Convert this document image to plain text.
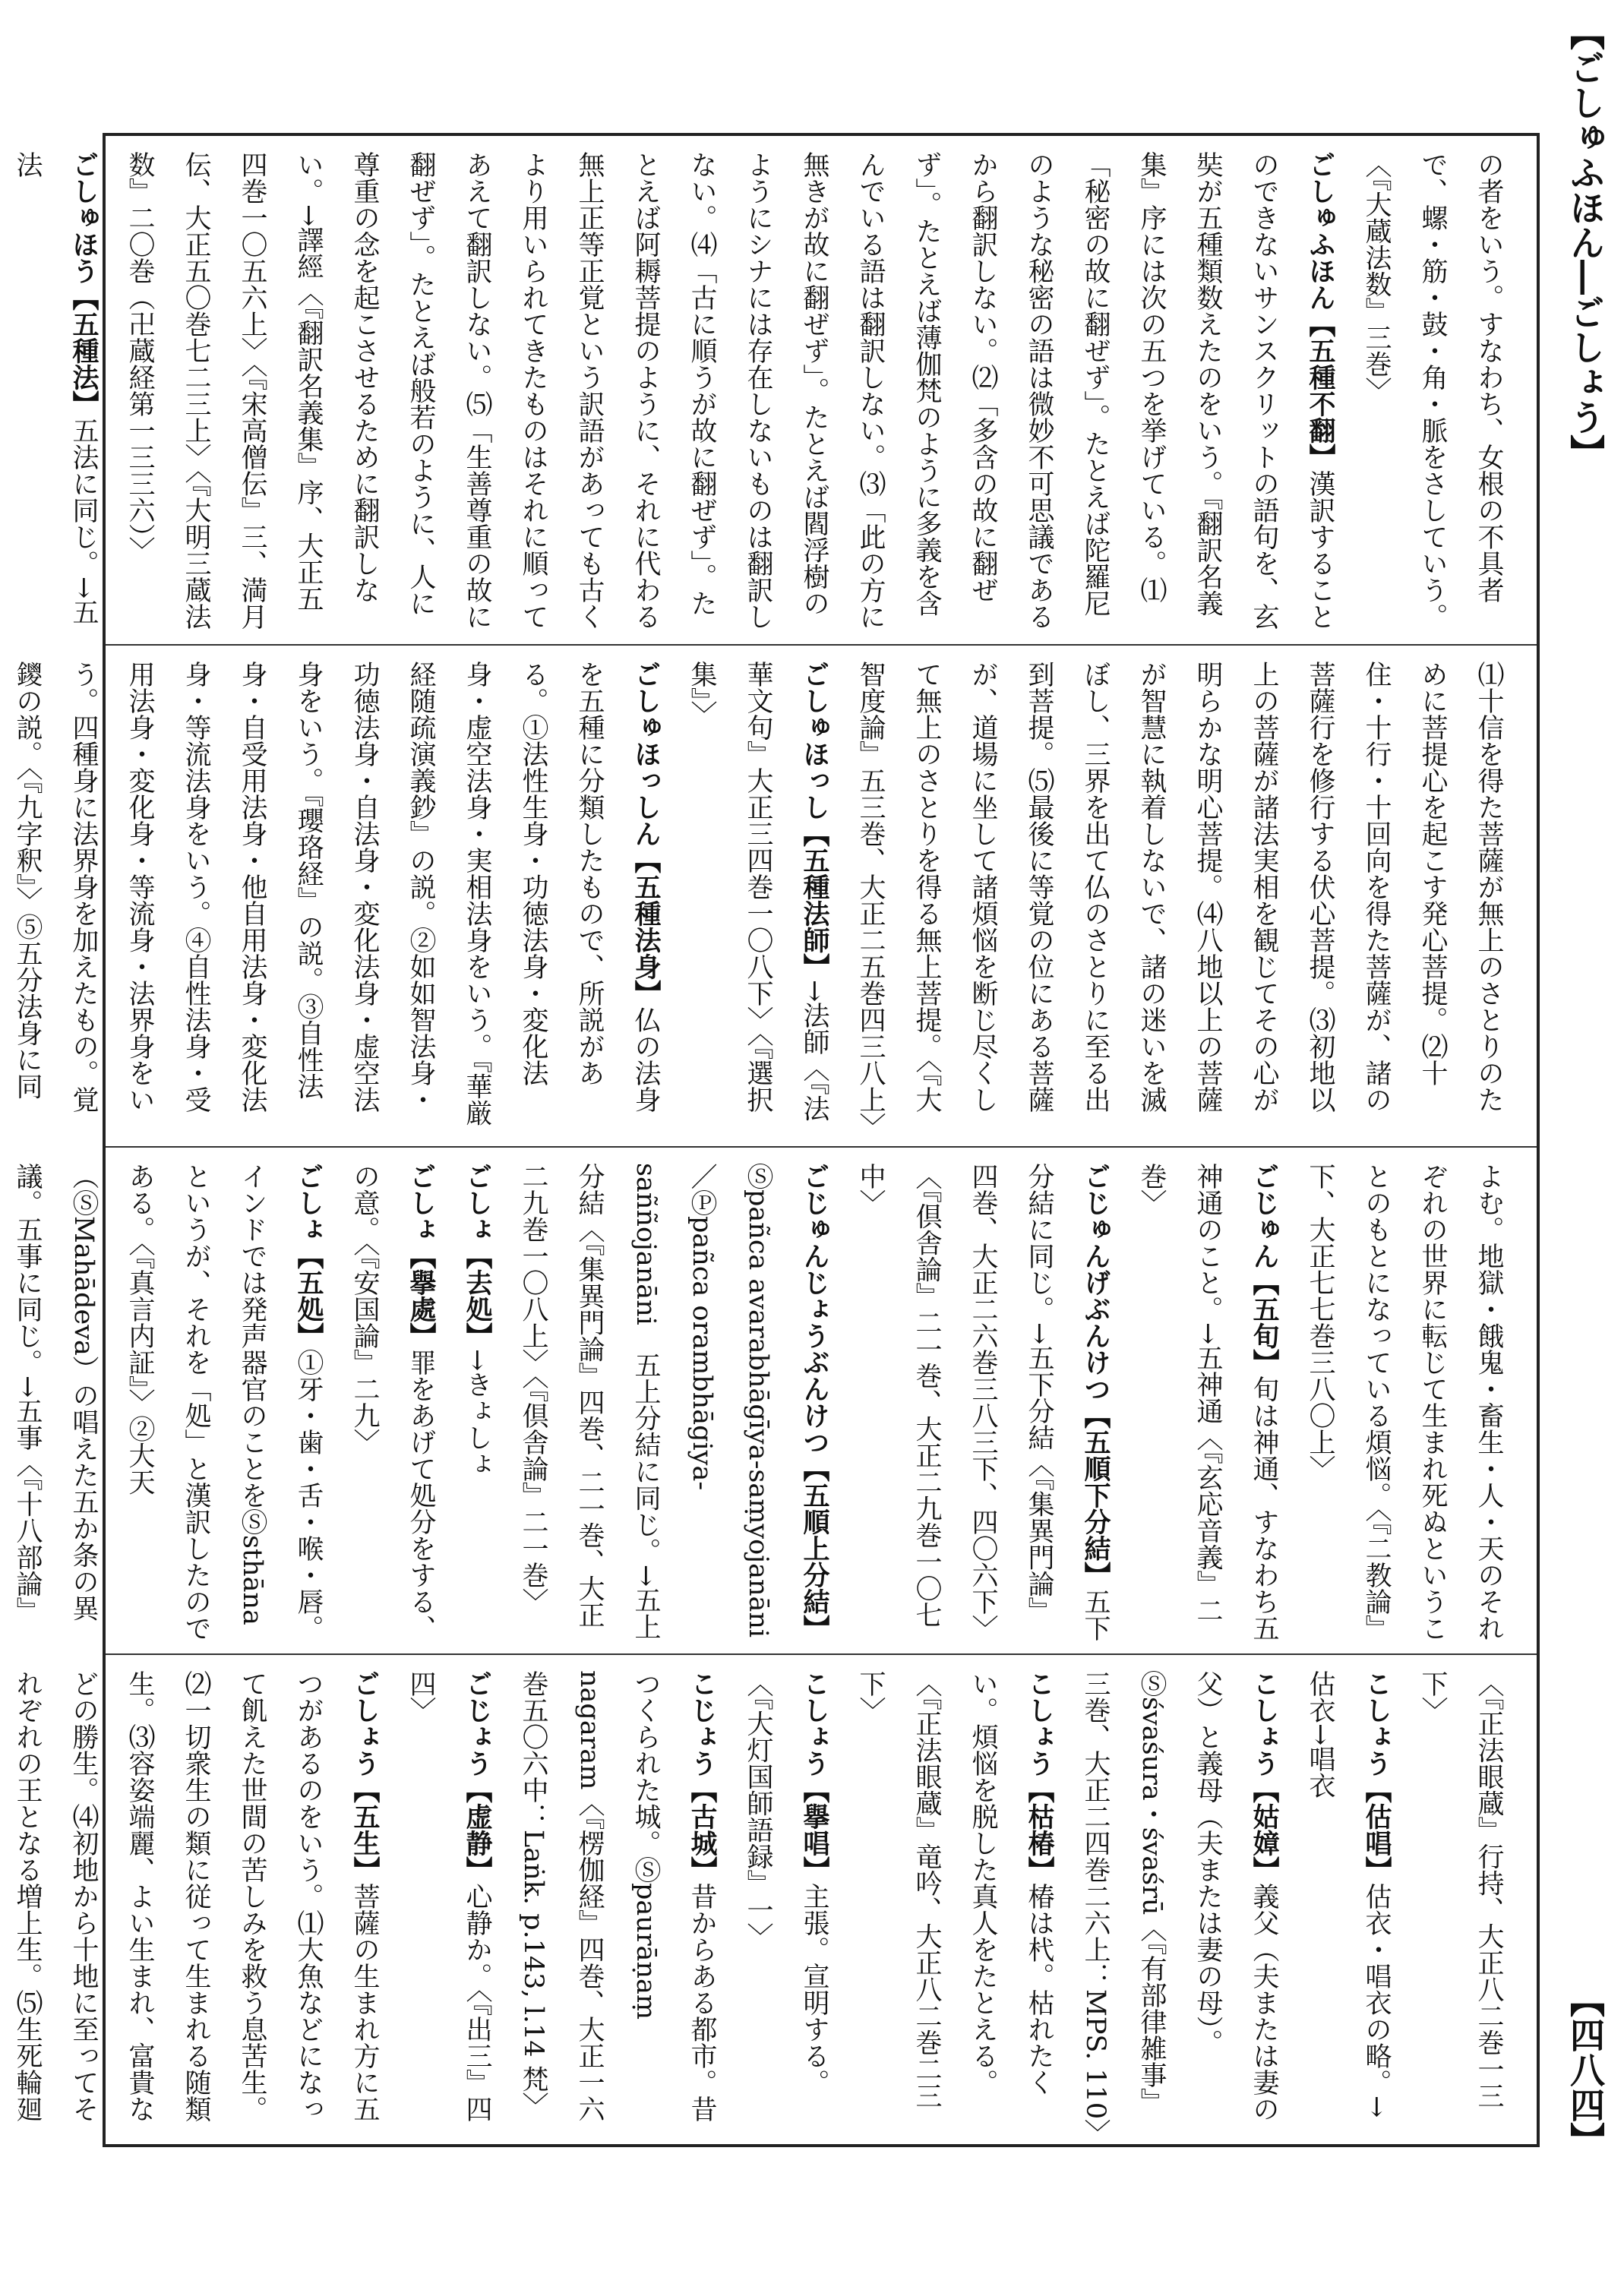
【ごしゅふほん―ごしょう】
【四八四】

の者をいう。すなわち、女根の不具者で、螺・筋・鼓・角・脈をさしていう。〈『大蔵法数』三巻〉

ごしゅふほん【五種不翻】漢訳することのできないサンスクリットの語句を、玄奘が五種類数えたのをいう。『翻訳名義集』序には次の五つを挙げている。⑴「秘密の故に翻ぜず」。たとえば陀羅尼のような秘密の語は微妙不可思議であるから翻訳しない。⑵「多含の故に翻ぜず」。たとえば薄伽梵のように多義を含んでいる語は翻訳しない。⑶「此の方に無きが故に翻ぜず」。たとえば閻浮樹のようにシナには存在しないものは翻訳しない。⑷「古に順うが故に翻ぜず」。たとえば阿耨菩提のように、それに代わる無上正等正覚という訳語があっても古くより用いられてきたものはそれに順ってあえて翻訳しない。⑸「生善尊重の故に翻ぜず」。たとえば般若のように、人に尊重の念を起こさせるために翻訳しない。→譯經〈『翻訳名義集』序、大正五四巻一〇五六上〉〈『宋高僧伝』三、満月伝、大正五〇巻七二三上〉〈『大明三蔵法数』二〇巻（卍蔵経第一三三六）〉

ごしゅほう【五種法】五法に同じ。→五法

⑴十信を得た菩薩が無上のさとりのために菩提心を起こす発心菩提。⑵十住・十行・十回向を得た菩薩が、諸の菩薩行を修行する伏心菩提。⑶初地以上の菩薩が諸法実相を観じてその心が明らかな明心菩提。⑷八地以上の菩薩が智慧に執着しないで、諸の迷いを滅ぼし、三界を出て仏のさとりに至る出到菩提。⑸最後に等覚の位にある菩薩が、道場に坐して諸煩悩を断じ尽くして無上のさとりを得る無上菩提。〈『大智度論』五三巻、大正二五巻四三八上〉

ごしゅほっし【五種法師】→法師〈『法華文句』大正三四巻一〇八下〉〈『選択集』〉

ごしゅほっしん【五種法身】仏の法身を五種に分類したもので、所説がある。①法性生身・功徳法身・変化法身・虚空法身・実相法身をいう。『華厳経随疏演義鈔』の説。②如如智法身・功徳法身・自法身・変化法身・虚空法身をいう。『瓔珞経』の説。③自性法身・自受用法身・他自用法身・変化法身・等流法身をいう。④自性法身・受用法身・変化身・等流身・法界身をいう。四種身に法界身を加えたもの。覚鑁の説。〈『九字釈』〉⑤五分法身に同

よむ。地獄・餓鬼・畜生・人・天のそれぞれの世界に転じて生まれ死ぬということのもとになっている煩悩。〈『二教論』下、大正七七巻三八〇上〉

ごじゅん【五旬】旬は神通、すなわち五神通のこと。→五神通〈『玄応音義』二巻〉

ごじゅんげぶんけつ【五順下分結】五下分結に同じ。→五下分結〈『集異門論』四巻、大正二六巻三八三下、四〇六下〉〈『倶舎論』二一巻、大正二九巻一〇七中〉

ごじゅんじょうぶんけつ【五順上分結】Ⓢpañca avarabhāgīya-saṃyojanāni／Ⓟpañca orambhāgiya-saññojanāni　五上分結に同じ。→五上分結〈『集異門論』四巻、二一巻、大正二九巻一〇八上〉〈『倶舎論』二一巻〉

ごしょ【去処】→きょしょ

ごしょ【擧處】罪をあげて処分をする、の意。〈『安国論』二九〉

ごしょ【五処】①牙・歯・舌・喉・唇。インドでは発声器官のことをⓈsthānaというが、それを「処」と漢訳したのである。〈『真言内証』〉②大天（ⓈMahādeva）の唱えた五か条の異議。五事に同じ。→五事〈『十八部論』

〈『正法眼蔵』行持、大正八二巻一三下〉

こしょう【估唱】估衣・唱衣の略。→估衣→唱衣

こしょう【姑嫜】義父（夫または妻の父）と義母（夫または妻の母）。Ⓢśvaśura・śvaśrū〈『有部律雑事』三巻、大正二四巻二六上：MPS. 110〉

こしょう【枯椿】椿は杙。枯れたくい。煩悩を脱した真人をたとえる。〈『正法眼蔵』竜吟、大正八二巻二三下〉

こしょう【擧唱】主張。宣明する。〈『大灯国師語録』一〉

こじょう【古城】昔からある都市。昔つくられた城。Ⓢpaurāṇaṃ nagaram〈『楞伽経』四巻、大正一六巻五〇六中：Laṅk. p.143, l.14 梵〉

ごじょう【虚静】心静か。〈『出三』四四〉

ごしょう【五生】菩薩の生まれ方に五つがあるのをいう。⑴大魚などになって飢えた世間の苦しみを救う息苦生。⑵一切衆生の類に従って生まれる随類生。⑶容姿端麗、よい生まれ、富貴などの勝生。⑷初地から十地に至ってそれぞれの王となる増上生。⑸生死輪廻
